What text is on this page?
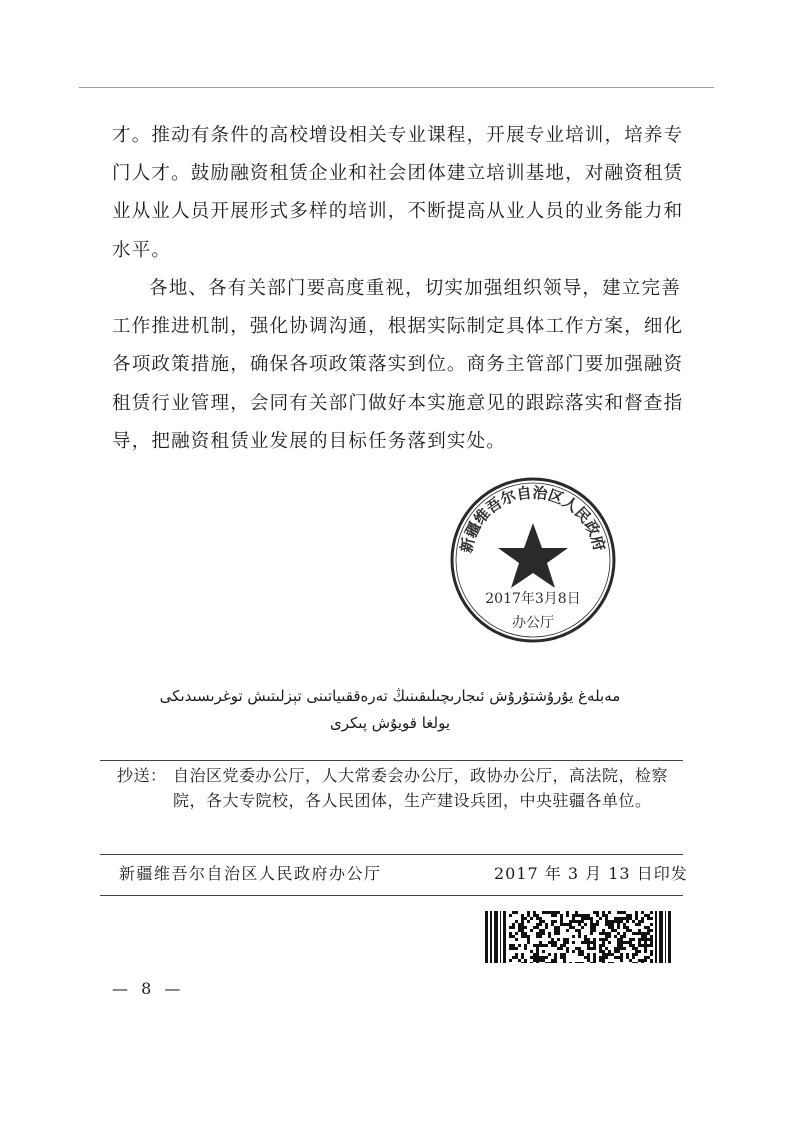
才。推动有条件的高校增设相关专业课程，开展专业培训，培养专门人才。鼓励融资租赁企业和社会团体建立培训基地，对融资租赁业从业人员开展形式多样的培训，不断提高从业人员的业务能力和水平。

各地、各有关部门要高度重视，切实加强组织领导，建立完善工作推进机制，强化协调沟通，根据实际制定具体工作方案，细化各项政策措施，确保各项政策落实到位。商务主管部门要加强融资租赁行业管理，会同有关部门做好本实施意见的跟踪落实和督查指导，把融资租赁业发展的目标任务落到实处。

新疆维吾尔自治区人民政府
2017年3月8日
办公厅
مەبلەغ يۇرۇشتۇرۇش ئىجارىچىلىقىنىڭ تەرەققىياتىنى تېزلىتىش توغرىسىدىكى
يولغا قويۇش پىكرى
抄送： 自治区党委办公厅，人大常委会办公厅，政协办公厅，高法院，检察院，各大专院校，各人民团体，生产建设兵团，中央驻疆各单位。
新疆维吾尔自治区人民政府办公厅	2017 年 3 月 13 日印发
— 8 —
